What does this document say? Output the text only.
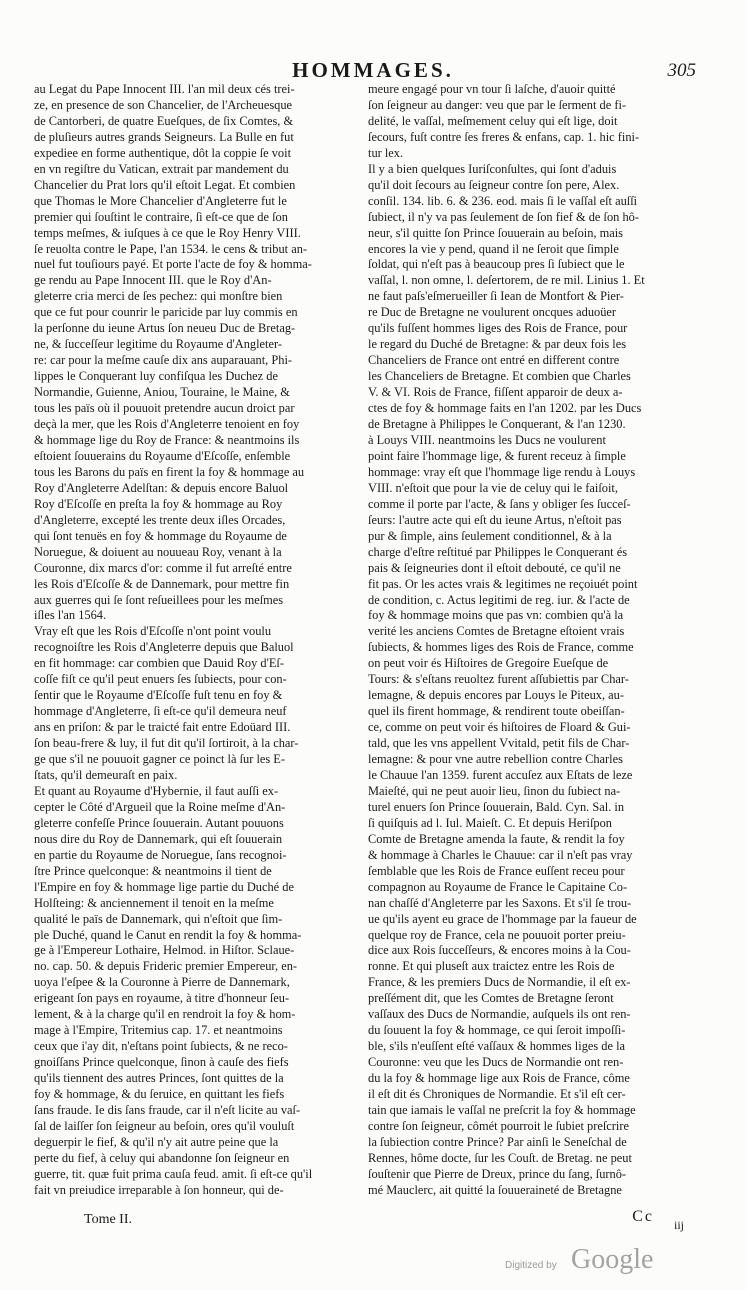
HOMMAGES.	305
au Legat du Pape Innocent III. l'an mil deux cés trei-
ze, en presence de son Chancelier, de l'Archeuesque
de Cantorberi, de quatre Eueſques, de ſix Comtes, &
de pluſieurs autres grands Seigneurs. La Bulle en fut
expediee en forme authentique, dôt la coppie ſe voit
en vn regiſtre du Vatican, extrait par mandement du
Chancelier du Prat lors qu'il eſtoit Legat. Et combien
que Thomas le More Chancelier d'Angleterre fut le
premier qui ſouſtint le contraire, ſi eſt-ce que de ſon
temps meſmes, & iuſques à ce que le Roy Henry VIII.
ſe reuolta contre le Pape, l'an 1534. le cens & tribut an-
nuel fut touſiours payé. Et porte l'acte de foy & homma-
ge rendu au Pape Innocent III. que le Roy d'An-
gleterre cria merci de ſes pechez: qui monſtre bien
que ce fut pour counrir le paricide par luy commis en
la perſonne du ieune Artus ſon neueu Duc de Bretag-
ne, & ſucceſſeur legitime du Royaume d'Angleter-
re: car pour la meſme cauſe dix ans auparauant, Phi-
lippes le Conquerant luy confiſqua les Duchez de
Normandie, Guienne, Aniou, Touraine, le Maine, &
tous les païs où il pouuoit pretendre aucun droict par
deçà la mer, que les Rois d'Angleterre tenoient en foy
& hommage lige du Roy de France: & neantmoins ils
eſtoient ſouuerains du Royaume d'Eſcoſſe, enſemble
tous les Barons du païs en firent la foy & hommage au
Roy d'Angleterre Adelſtan: & depuis encore Baluol
Roy d'Eſcoſſe en preſta la foy & hommage au Roy
d'Angleterre, excepté les trente deux iſles Orcades,
qui ſont tenuës en foy & hommage du Royaume de
Noruegue, & doiuent au nouueau Roy, venant à la
Couronne, dix marcs d'or: comme il fut arreſté entre
les Rois d'Eſcoſſe & de Dannemark, pour mettre fin
aux guerres qui ſe ſont reſueillees pour les meſmes
iſles l'an 1564.
Vray eſt que les Rois d'Eſcoſſe n'ont point voulu
recognoiſtre les Rois d'Angleterre depuis que Baluol
en fit hommage: car combien que Dauid Roy d'Eſ-
coſſe fiſt ce qu'il peut enuers ſes ſubiects, pour con-
ſentir que le Royaume d'Eſcoſſe fuſt tenu en foy &
hommage d'Angleterre, ſi eſt-ce qu'il demeura neuf
ans en priſon: & par le traicté fait entre Edoüard III.
ſon beau-frere & luy, il fut dit qu'il ſortiroit, à la char-
ge que s'il ne pouuoit gagner ce poinct là ſur les E-
ſtats, qu'il demeuraſt en paix.
Et quant au Royaume d'Hybernie, il faut auſſi ex-
cepter le Côté d'Argueil que la Roine meſme d'An-
gleterre confeſſe Prince ſouuerain. Autant pouuons
nous dire du Roy de Dannemark, qui eſt ſouuerain
en partie du Royaume de Noruegue, ſans recognoi-
ſtre Prince quelconque: & neantmoins il tient de
l'Empire en foy & hommage lige partie du Duché de
Holſteing: & anciennement il tenoit en la meſme
qualité le païs de Dannemark, qui n'eſtoit que ſim-
ple Duché, quand le Canut en rendit la foy & homma-
ge à l'Empereur Lothaire, Helmod. in Hiſtor. Sclaue-
no. cap. 50. & depuis Frideric premier Empereur, en-
uoya l'eſpee & la Couronne à Pierre de Dannemark,
erigeant ſon pays en royaume, à titre d'honneur ſeu-
lement, & à la charge qu'il en rendroit la foy & hom-
mage à l'Empire, Tritemius cap. 17. et neantmoins
ceux que i'ay dit, n'eſtans point ſubiects, & ne reco-
gnoiſſans Prince quelconque, ſinon à cauſe des fiefs
qu'ils tiennent des autres Princes, ſont quittes de la
foy & hommage, & du ſeruice, en quittant les fiefs
ſans fraude. Ie dis ſans fraude, car il n'eſt licite au vaſ-
ſal de laiſſer ſon ſeigneur au beſoin, ores qu'il vouluſt
deguerpir le fief, & qu'il n'y ait autre peine que la
perte du fief, à celuy qui abandonne ſon ſeigneur en
guerre, tit. quæ fuit prima cauſa feud. amit. ſi eſt-ce qu'il
fait vn preiudice irreparable à ſon honneur, qui de-
meure engagé pour vn tour ſi laſche, d'auoir quitté
ſon ſeigneur au danger: veu que par le ſerment de fi-
delité, le vaſſal, meſmement celuy qui eſt lige, doit
ſecours, fuſt contre ſes freres & enfans, cap. 1. hic fini-
tur lex.
Il y a bien quelques Iuriſconſultes, qui ſont d'aduis
qu'il doit ſecours au ſeigneur contre ſon pere, Alex.
conſil. 134. lib. 6. & 236. eod. mais ſi le vaſſal eſt auſſi
ſubiect, il n'y va pas ſeulement de ſon fief & de ſon hô-
neur, s'il quitte ſon Prince ſouuerain au beſoin, mais
encores la vie y pend, quand il ne ſeroit que ſimple
ſoldat, qui n'eſt pas à beaucoup pres ſi ſubiect que le
vaſſal, l. non omne, l. deſertorem, de re mil. Linius 1. Et
ne faut paſs'eſmerueiller ſi Iean de Montfort & Pier-
re Duc de Bretagne ne voulurent oncques aduoüer
qu'ils fuſſent hommes liges des Rois de France, pour
le regard du Duché de Bretagne: & par deux fois les
Chanceliers de France ont entré en different contre
les Chanceliers de Bretagne. Et combien que Charles
V. & VI. Rois de France, fiſſent apparoir de deux a-
ctes de foy & hommage faits en l'an 1202. par les Ducs
de Bretagne à Philippes le Conquerant, & l'an 1230.
à Louys VIII. neantmoins les Ducs ne voulurent
point faire l'hommage lige, & furent receuz à ſimple
hommage: vray eſt que l'hommage lige rendu à Louys
VIII. n'eſtoit que pour la vie de celuy qui le faiſoit,
comme il porte par l'acte, & ſans y obliger ſes ſucceſ-
ſeurs: l'autre acte qui eſt du ieune Artus, n'eſtoit pas
pur & ſimple, ains ſeulement conditionnel, & à la
charge d'eſtre reſtitué par Philippes le Conquerant és
pais & ſeigneuries dont il eſtoit debouté, ce qu'il ne
fit pas. Or les actes vrais & legitimes ne reçoiuét point
de condition, c. Actus legitimi de reg. iur. & l'acte de
foy & hommage moins que pas vn: combien qu'à la
verité les anciens Comtes de Bretagne eſtoient vrais
ſubiects, & hommes liges des Rois de France, comme
on peut voir és Hiſtoires de Gregoire Eueſque de
Tours: & s'eſtans reuoltez furent aſſubiettis par Char-
lemagne, & depuis encores par Louys le Piteux, au-
quel ils firent hommage, & rendirent toute obeiſſan-
ce, comme on peut voir és hiſtoires de Floard & Gui-
tald, que les vns appellent Vvitald, petit fils de Char-
lemagne: & pour vne autre rebellion contre Charles
le Chauue l'an 1359. furent accuſez aux Eſtats de leze
Maieſté, qui ne peut auoir lieu, ſinon du ſubiect na-
turel enuers ſon Prince ſouuerain, Bald. Cyn. Sal. in
ſi quiſquis ad l. Iul. Maieſt. C. Et depuis Heriſpon
Comte de Bretagne amenda la faute, & rendit la foy
& hommage à Charles le Chauue: car il n'eſt pas vray
ſemblable que les Rois de France euſſent receu pour
compagnon au Royaume de France le Capitaine Co-
nan chaſſé d'Angleterre par les Saxons. Et s'il ſe trou-
ue qu'ils ayent eu grace de l'hommage par la faueur de
quelque roy de France, cela ne pouuoit porter preiu-
dice aux Rois ſucceſſeurs, & encores moins à la Cou-
ronne. Et qui pluseſt aux traictez entre les Rois de
France, & les premiers Ducs de Normandie, il eſt ex-
preſſément dit, que les Comtes de Bretagne ſeront
vaſſaux des Ducs de Normandie, auſquels ils ont ren-
du ſouuent la foy & hommage, ce qui ſeroit impoſſi-
ble, s'ils n'euſſent eſté vaſſaux & hommes liges de la
Couronne: veu que les Ducs de Normandie ont ren-
du la foy & hommage lige aux Rois de France, côme
il eſt dit és Chroniques de Normandie. Et s'il eſt cer-
tain que iamais le vaſſal ne preſcrit la foy & hommage
contre ſon ſeigneur, cômét pourroit le ſubiet preſcrire
la ſubiection contre Prince? Par ainſi le Seneſchal de
Rennes, hôme docte, ſur les Couſt. de Bretag. ne peut
ſouſtenir que Pierre de Dreux, prince du ſang, ſurnô-
mé Mauclerc, ait quitté la ſouueraineté de Bretagne
Tome II.	Cc iij
Digitized by Google
